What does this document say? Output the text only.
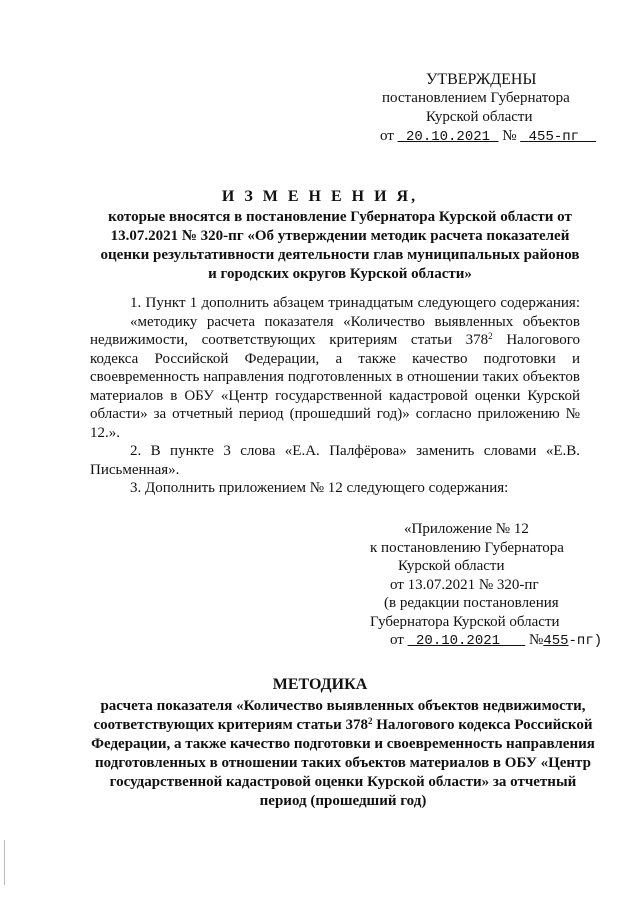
УТВЕРЖДЕНЫ
постановлением Губернатора
Курской области
от 20.10.2021 № 455-пг
И З М Е Н Е Н И Я,
которые вносятся в постановление Губернатора Курской области от 13.07.2021 № 320-пг «Об утверждении методик расчета показателей оценки результативности деятельности глав муниципальных районов и городских округов Курской области»

1. Пункт 1 дополнить абзацем тринадцатым следующего содержания:

«методику расчета показателя «Количество выявленных объектов недвижимости, соответствующих критериям статьи $378^2$ Налогового кодекса Российской Федерации, а также качество подготовки и своевременность направления подготовленных в отношении таких объектов материалов в ОБУ «Центр государственной кадастровой оценки Курской области» за отчетный период (прошедший год)» согласно приложению № 12.».

2. В пункте 3 слова «Е.А. Палфёрова» заменить словами «Е.В. Письменная».

3. Дополнить приложением № 12 следующего содержания:

«Приложение № 12
к постановлению Губернатора
Курской области
от 13.07.2021 № 320-пг
(в редакции постановления
Губернатора Курской области
от 20.10.2021 №455-пг)
МЕТОДИКА
расчета показателя «Количество выявленных объектов недвижимости, соответствующих критериям статьи $378^2$ Налогового кодекса Российской Федерации, а также качество подготовки и своевременность направления подготовленных в отношении таких объектов материалов в ОБУ «Центр государственной кадастровой оценки Курской области» за отчетный период (прошедший год)
